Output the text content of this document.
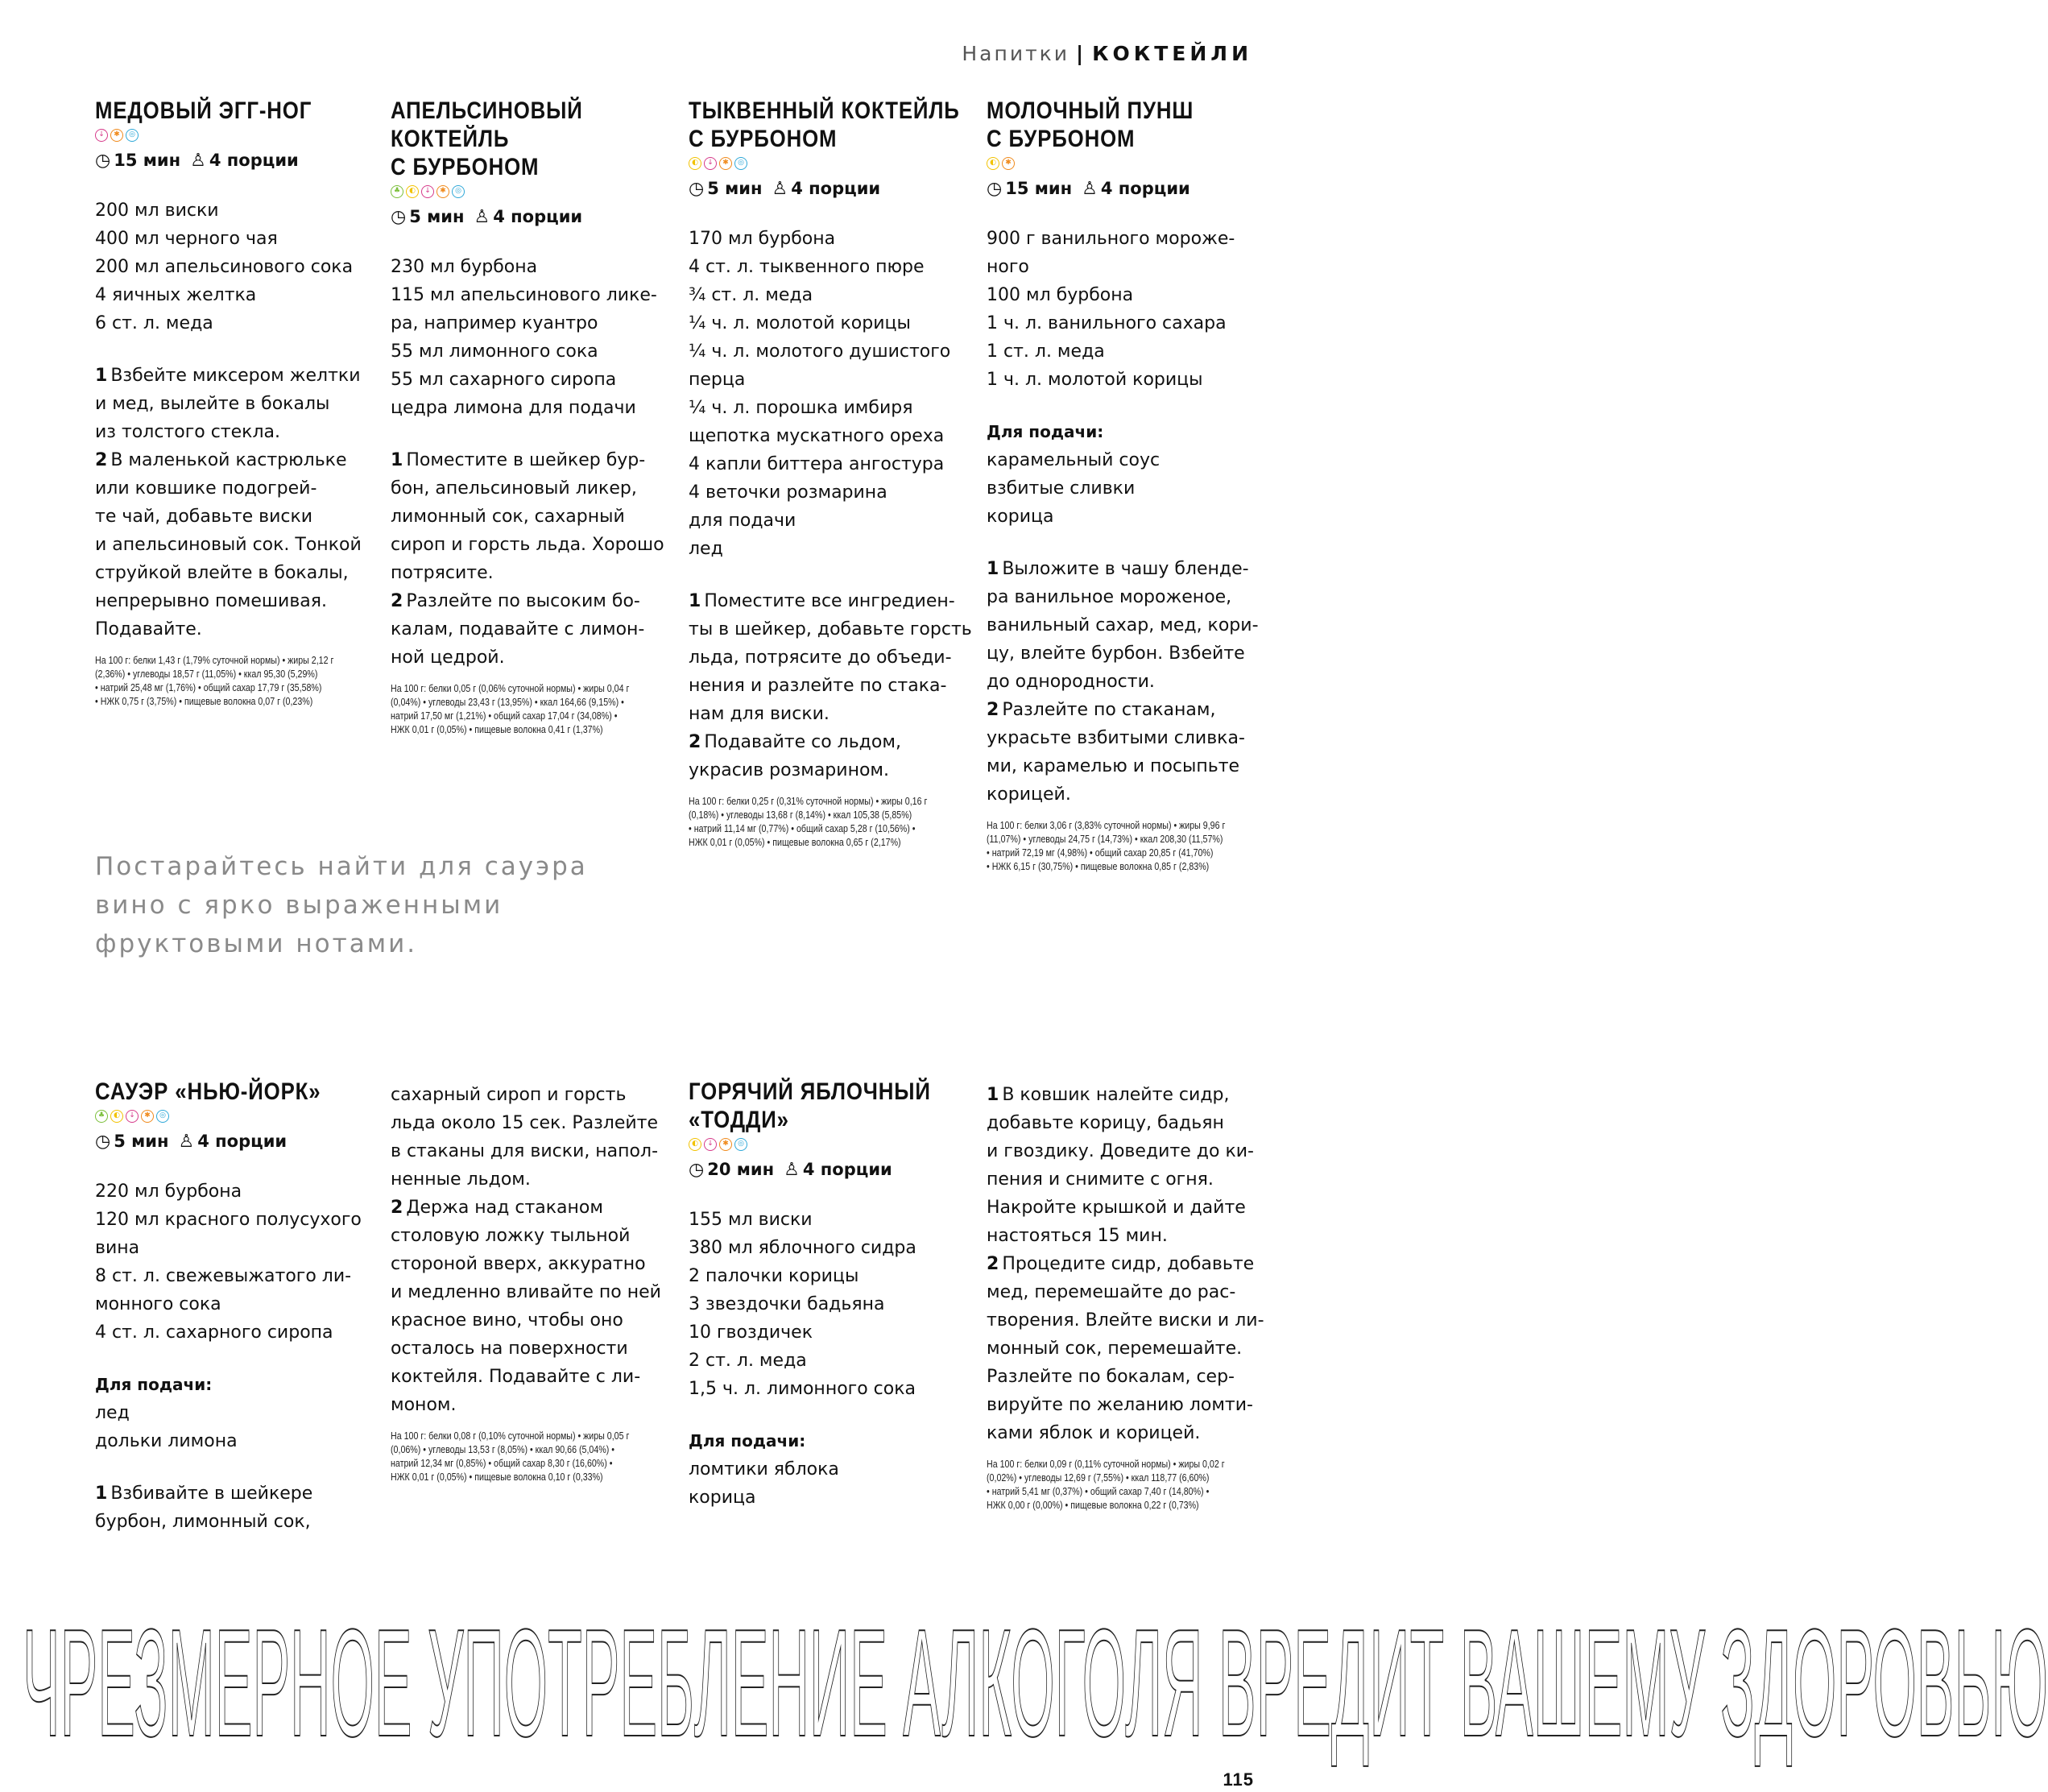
Напитки | КОКТЕЙЛИ
МЕДОВЫЙ ЭГГ-НОГ
↓	✱	◎
◷ 15 мин ♙ 4 порции
200 мл виски
400 мл черного чая
200 мл апельсинового сока
4 яичных желтка
6 ст. л. меда

1 Взбейте миксером желтки
и мед, вылейте в бокалы
из толстого стекла.

2 В маленькой кастрюльке
или ковшике подогрей-
те чай, добавьте виски
и апельсиновый сок. Тонкой
струйкой влейте в бокалы,
непрерывно помешивая.
Подавайте.

На 100 г: белки 1,43 г (1,79% суточной нормы) • жиры 2,12 г
(2,36%) • углеводы 18,57 г (11,05%) • ккал 95,30 (5,29%)
• натрий 25,48 мг (1,76%) • общий сахар 17,79 г (35,58%)
• НЖК 0,75 г (3,75%) • пищевые волокна 0,07 г (0,23%)
АПЕЛЬСИНОВЫЙ КОКТЕЙЛЬ
С БУРБОНОМ
♣	◐	↓	✱	◎
◷ 5 мин ♙ 4 порции
230 мл бурбона
115 мл апельсинового лике-
ра, например куантро
55 мл лимонного сока
55 мл сахарного сиропа
цедра лимона для подачи

1 Поместите в шейкер бур-
бон, апельсиновый ликер,
лимонный сок, сахарный
сироп и горсть льда. Хорошо
потрясите.

2 Разлейте по высоким бо-
калам, подавайте с лимон-
ной цедрой.

На 100 г: белки 0,05 г (0,06% суточной нормы) • жиры 0,04 г
(0,04%) • углеводы 23,43 г (13,95%) • ккал 164,66 (9,15%) •
натрий 17,50 мг (1,21%) • общий сахар 17,04 г (34,08%) •
НЖК 0,01 г (0,05%) • пищевые волокна 0,41 г (1,37%)
ТЫКВЕННЫЙ КОКТЕЙЛЬ
С БУРБОНОМ
◐	↓	✱	◎
◷ 5 мин ♙ 4 порции
170 мл бурбона
4 ст. л. тыквенного пюре
¾ ст. л. меда
¼ ч. л. молотой корицы
¼ ч. л. молотого душистого
перца
¼ ч. л. порошка имбиря
щепотка мускатного ореха
4 капли биттера ангостура
4 веточки розмарина
для подачи
лед

1 Поместите все ингредиен-
ты в шейкер, добавьте горсть
льда, потрясите до объеди-
нения и разлейте по стака-
нам для виски.

2 Подавайте со льдом,
украсив розмарином.

На 100 г: белки 0,25 г (0,31% суточной нормы) • жиры 0,16 г
(0,18%) • углеводы 13,68 г (8,14%) • ккал 105,38 (5,85%)
• натрий 11,14 мг (0,77%) • общий сахар 5,28 г (10,56%) •
НЖК 0,01 г (0,05%) • пищевые волокна 0,65 г (2,17%)
МОЛОЧНЫЙ ПУНШ
С БУРБОНОМ
◐	✱
◷ 15 мин ♙ 4 порции
900 г ванильного мороже-
ного
100 мл бурбона
1 ч. л. ванильного сахара
1 ст. л. меда
1 ч. л. молотой корицы
Для подачи:
карамельный соус
взбитые сливки
корица

1 Выложите в чашу бленде-
ра ванильное мороженое,
ванильный сахар, мед, кори-
цу, влейте бурбон. Взбейте
до однородности.

2 Разлейте по стаканам,
украсьте взбитыми сливка-
ми, карамелью и посыпьте
корицей.

На 100 г: белки 3,06 г (3,83% суточной нормы) • жиры 9,96 г
(11,07%) • углеводы 24,75 г (14,73%) • ккал 208,30 (11,57%)
• натрий 72,19 мг (4,98%) • общий сахар 20,85 г (41,70%)
• НЖК 6,15 г (30,75%) • пищевые волокна 0,85 г (2,83%)
САУЭР «НЬЮ-ЙОРК»
♣	◐	↓	✱	◎
◷ 5 мин ♙ 4 порции
220 мл бурбона
120 мл красного полусухого
вина
8 ст. л. свежевыжатого ли-
монного сока
4 ст. л. сахарного сиропа
Для подачи:
лед
дольки лимона

1 Взбивайте в шейкере
бурбон, лимонный сок,

сахарный сироп и горсть
льда около 15 сек. Разлейте
в стаканы для виски, напол-
ненные льдом.

2 Держа над стаканом
столовую ложку тыльной
стороной вверх, аккуратно
и медленно вливайте по ней
красное вино, чтобы оно
осталось на поверхности
коктейля. Подавайте с ли-
моном.

На 100 г: белки 0,08 г (0,10% суточной нормы) • жиры 0,05 г
(0,06%) • углеводы 13,53 г (8,05%) • ккал 90,66 (5,04%) •
натрий 12,34 мг (0,85%) • общий сахар 8,30 г (16,60%) •
НЖК 0,01 г (0,05%) • пищевые волокна 0,10 г (0,33%)
ГОРЯЧИЙ ЯБЛОЧНЫЙ
«ТОДДИ»
◐	↓	✱	◎
◷ 20 мин ♙ 4 порции
155 мл виски
380 мл яблочного сидра
2 палочки корицы
3 звездочки бадьяна
10 гвоздичек
2 ст. л. меда
1,5 ч. л. лимонного сока
Для подачи:
ломтики яблока
корица

1 В ковшик налейте сидр,
добавьте корицу, бадьян
и гвоздику. Доведите до ки-
пения и снимите с огня.
Накройте крышкой и дайте
настояться 15 мин.

2 Процедите сидр, добавьте
мед, перемешайте до рас-
творения. Влейте виски и ли-
монный сок, перемешайте.
Разлейте по бокалам, сер-
вируйте по желанию ломти-
ками яблок и корицей.

На 100 г: белки 0,09 г (0,11% суточной нормы) • жиры 0,02 г
(0,02%) • углеводы 12,69 г (7,55%) • ккал 118,77 (6,60%)
• натрий 5,41 мг (0,37%) • общий сахар 7,40 г (14,80%) •
НЖК 0,00 г (0,00%) • пищевые волокна 0,22 г (0,73%)
Постарайтесь найти для сауэра
вино с ярко выраженными
фруктовыми нотами.
ЧРЕЗМЕРНОЕ УПОТРЕБЛЕНИЕ АЛКОГОЛЯ ВРЕДИТ ВАШЕМУ ЗДОРОВЬЮ
115
